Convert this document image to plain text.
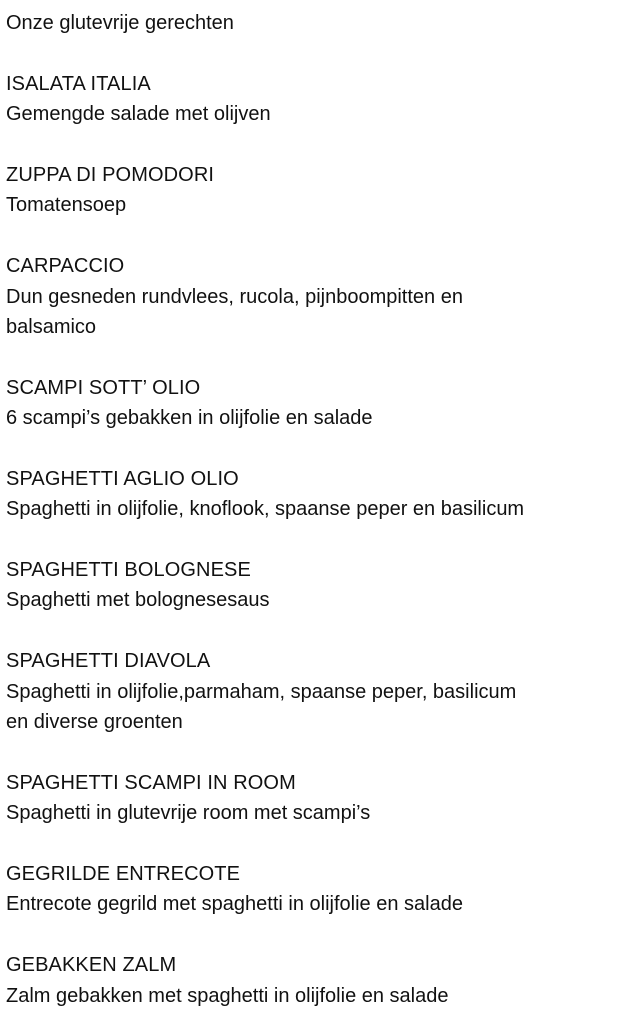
Onze glutevrije gerechten
ISALATA ITALIA
Gemengde salade met olijven
ZUPPA DI POMODORI
Tomatensoep
CARPACCIO
Dun gesneden rundvlees, rucola, pijnboompitten en
balsamico
SCAMPI SOTT’ OLIO
6 scampi’s gebakken in olijfolie en salade
SPAGHETTI AGLIO OLIO
Spaghetti in olijfolie, knoflook, spaanse peper en basilicum
SPAGHETTI BOLOGNESE
Spaghetti met bolognesesaus
SPAGHETTI DIAVOLA
Spaghetti in olijfolie,parmaham, spaanse peper, basilicum
en diverse groenten
SPAGHETTI SCAMPI IN ROOM
Spaghetti in glutevrije room met scampi’s
GEGRILDE ENTRECOTE
Entrecote gegrild met spaghetti in olijfolie en salade
GEBAKKEN ZALM
Zalm gebakken met spaghetti in olijfolie en salade
